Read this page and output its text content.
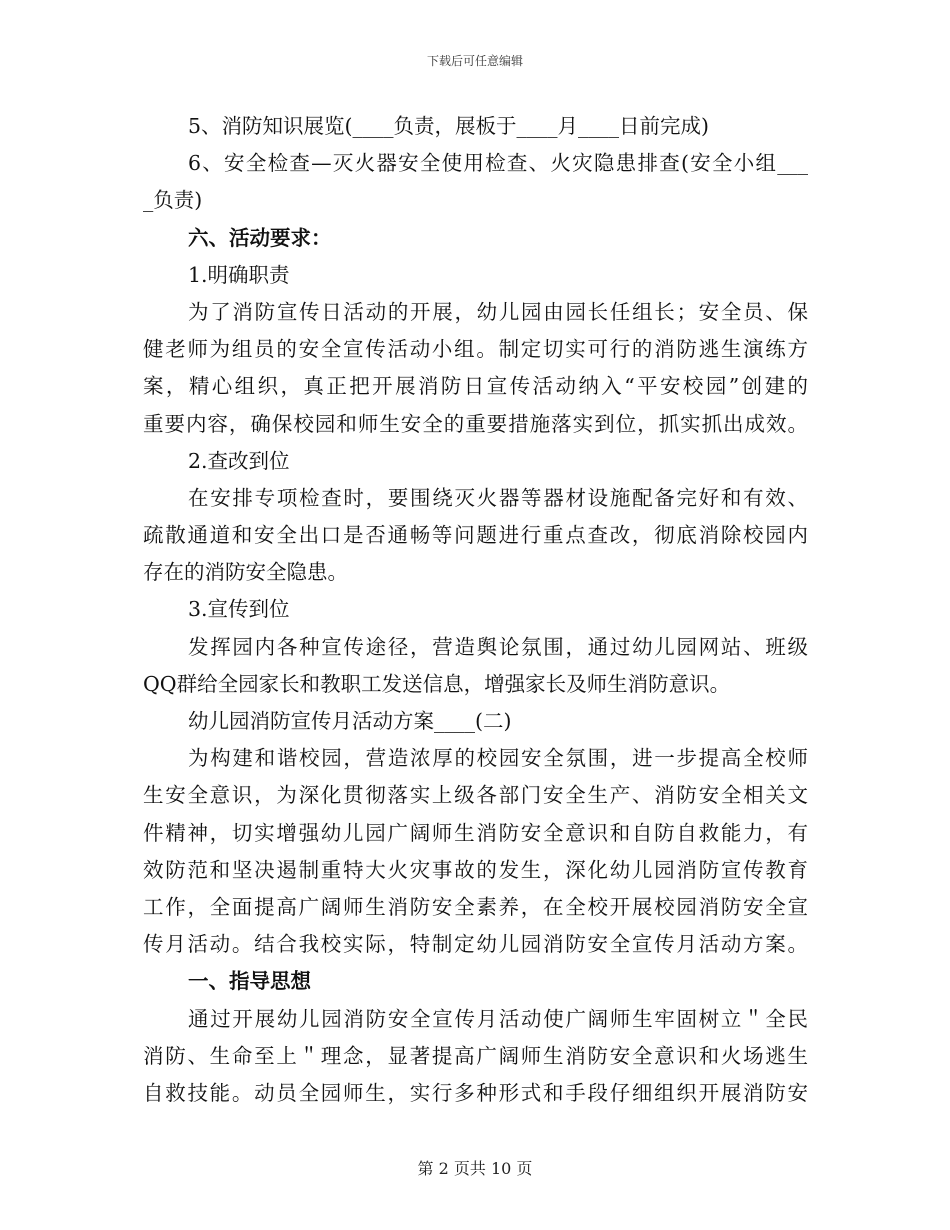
下载后可任意编辑
5、消防知识展览(____负责，展板于____月____日前完成)
6、安全检查—灭火器安全使用检查、火灾隐患排查(安全小组___
_负责)
六、活动要求：
1.明确职责
为了消防宣传日活动的开展，幼儿园由园长任组长；安全员、保
健老师为组员的安全宣传活动小组。制定切实可行的消防逃生演练方
案，精心组织，真正把开展消防日宣传活动纳入“平安校园”创建的
重要内容，确保校园和师生安全的重要措施落实到位，抓实抓出成效。
2.查改到位
在安排专项检查时，要围绕灭火器等器材设施配备完好和有效、
疏散通道和安全出口是否通畅等问题进行重点查改，彻底消除校园内
存在的消防安全隐患。
3.宣传到位
发挥园内各种宣传途径，营造舆论氛围，通过幼儿园网站、班级
QQ群给全园家长和教职工发送信息，增强家长及师生消防意识。
幼儿园消防宣传月活动方案____(二)
为构建和谐校园，营造浓厚的校园安全氛围，进一步提高全校师
生安全意识，为深化贯彻落实上级各部门安全生产、消防安全相关文
件精神，切实增强幼儿园广阔师生消防安全意识和自防自救能力，有
效防范和坚决遏制重特大火灾事故的发生，深化幼儿园消防宣传教育
工作，全面提高广阔师生消防安全素养，在全校开展校园消防安全宣
传月活动。结合我校实际，特制定幼儿园消防安全宣传月活动方案。
一、指导思想
通过开展幼儿园消防安全宣传月活动使广阔师生牢固树立＂全民
消防、生命至上＂理念，显著提高广阔师生消防安全意识和火场逃生
自救技能。动员全园师生，实行多种形式和手段仔细组织开展消防安
第 2 页共 10 页
